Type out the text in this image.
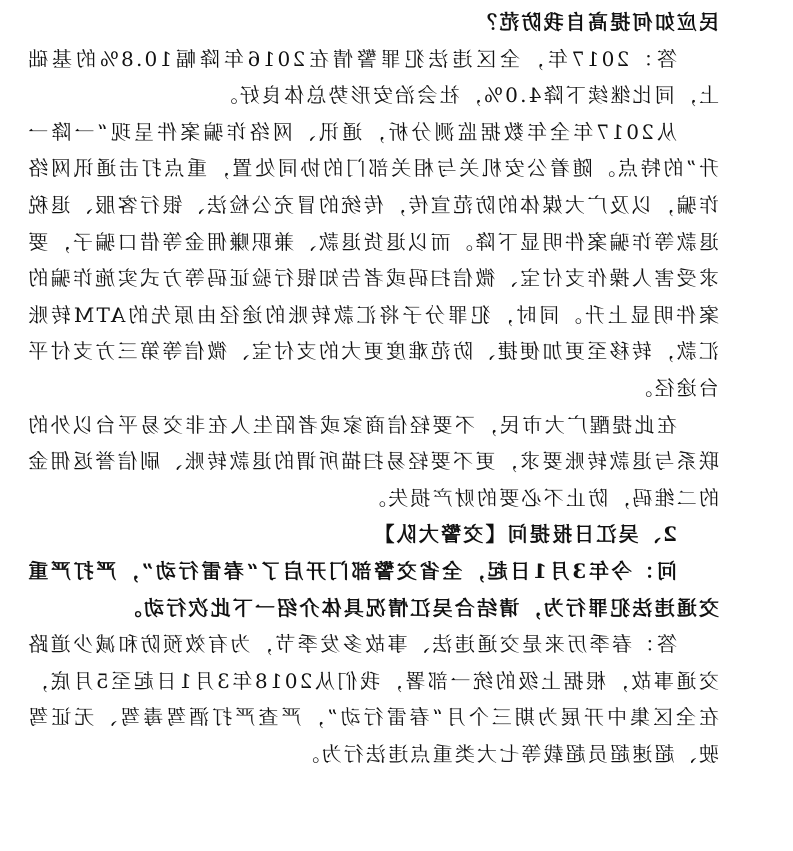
民应如何提高自我防范？

答：2017年，全区违法犯罪警情在2016年降幅10.8%的基础上，同比继续下降4.0%，社会治安形势总体良好。

从2017年全年数据监测分析，通讯、网络诈骗案件呈现“一降一升”的特点。随着公安机关与相关部门的协同处置，重点打击通讯网络诈骗，以及广大媒体的防范宣传，传统的冒充公检法、银行客服、退税退款等诈骗案件明显下降。而以退货退款、兼职赚佣金等借口骗子，要求受害人操作支付宝、微信扫码或者告知银行验证码等方式实施诈骗的案件明显上升。同时，犯罪分子将汇款转账的途径由原先的ATM转账汇款，转移至更加便捷、防范难度更大的支付宝、微信等第三方支付平台途径。

在此提醒广大市民，不要轻信商家或者陌生人在非交易平台以外的联系与退款转账要求，更不要轻易扫描所谓的退款转账、刷信誉返佣金的二维码，防止不必要的财产损失。

2、吴江日报提问【交警大队】

问：今年3月1日起，全省交警部门开启了“春雷行动”，严打严重交通违法犯罪行为，请结合吴江情况具体介绍一下此次行动。

答：春季历来是交通违法、事故多发季节，为有效预防和减少道路交通事故，根据上级的统一部署，我们从2018年3月1日起至5月底，在全区集中开展为期三个月“春雷行动”，严查严打酒驾毒驾、无证驾驶、超速超员超载等七大类重点违法行为。
